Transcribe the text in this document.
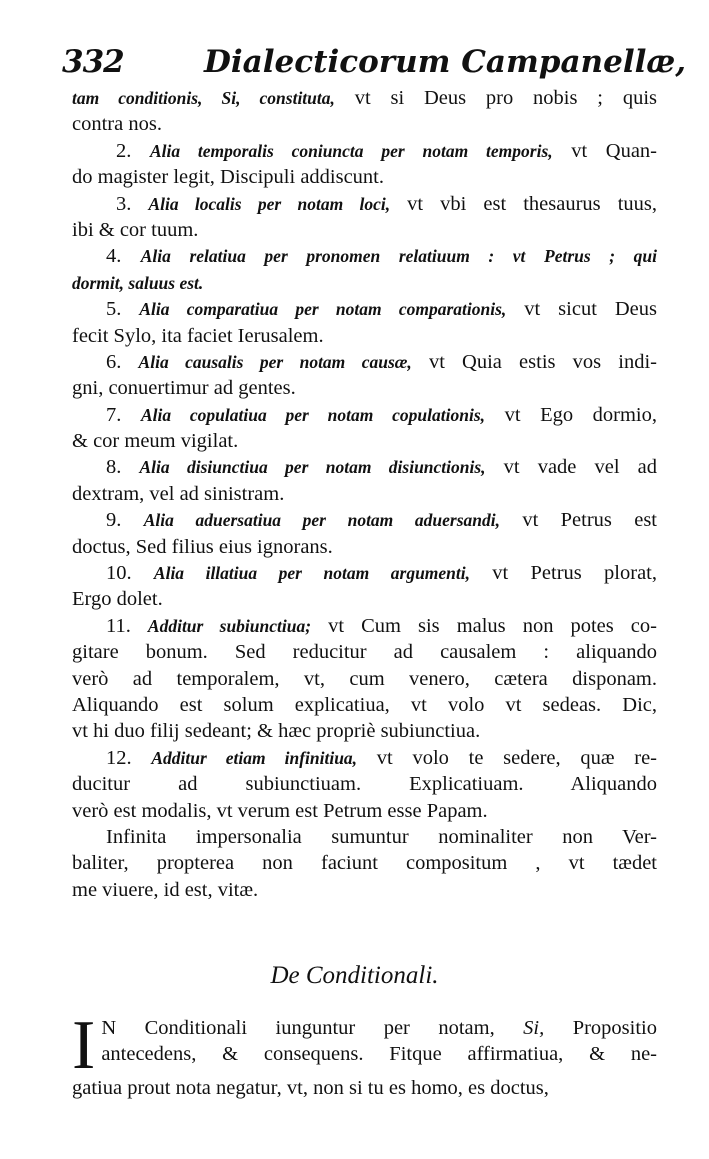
332	Dialecticorum Campanellæ,
tam conditionis, Si, constituta, vt si Deus pro nobis ; quis
contra nos.
2. Alia temporalis coniuncta per notam temporis, vt Quan-
do magister legit, Discipuli addiscunt.
3. Alia localis per notam loci, vt vbi est thesaurus tuus,
ibi & cor tuum.
4. Alia relatiua per pronomen relatiuum : vt Petrus ; qui
dormit, saluus est.
5. Alia comparatiua per notam comparationis, vt sicut Deus
fecit Sylo, ita faciet Ierusalem.
6. Alia causalis per notam causæ, vt Quia estis vos indi-
gni, conuertimur ad gentes.
7. Alia copulatiua per notam copulationis, vt Ego dormio,
& cor meum vigilat.
8. Alia disiunctiua per notam disiunctionis, vt vade vel ad
dextram, vel ad sinistram.
9. Alia aduersatiua per notam aduersandi, vt Petrus est
doctus, Sed filius eius ignorans.
10. Alia illatiua per notam argumenti, vt Petrus plorat,
Ergo dolet.
11. Additur subiunctiua; vt Cum sis malus non potes co-
gitare bonum. Sed reducitur ad causalem : aliquando
verò ad temporalem, vt, cum venero, cætera disponam.
Aliquando est solum explicatiua, vt volo vt sedeas. Dic,
vt hi duo filij sedeant; & hæc propriè subiunctiua.
12. Additur etiam infinitiua, vt volo te sedere, quæ re-
ducitur ad subiunctiuam. Explicatiuam. Aliquando
verò est modalis, vt verum est Petrum esse Papam.
Infinita impersonalia sumuntur nominaliter non Ver-
baliter, propterea non faciunt compositum , vt tædet
me viuere, id est, vitæ.
De Conditionali.
I N Conditionali iunguntur per notam, Si, Propositio
antecedens, & consequens. Fitque affirmatiua, & ne-
gatiua prout nota negatur, vt, non si tu es homo, es doctus,
